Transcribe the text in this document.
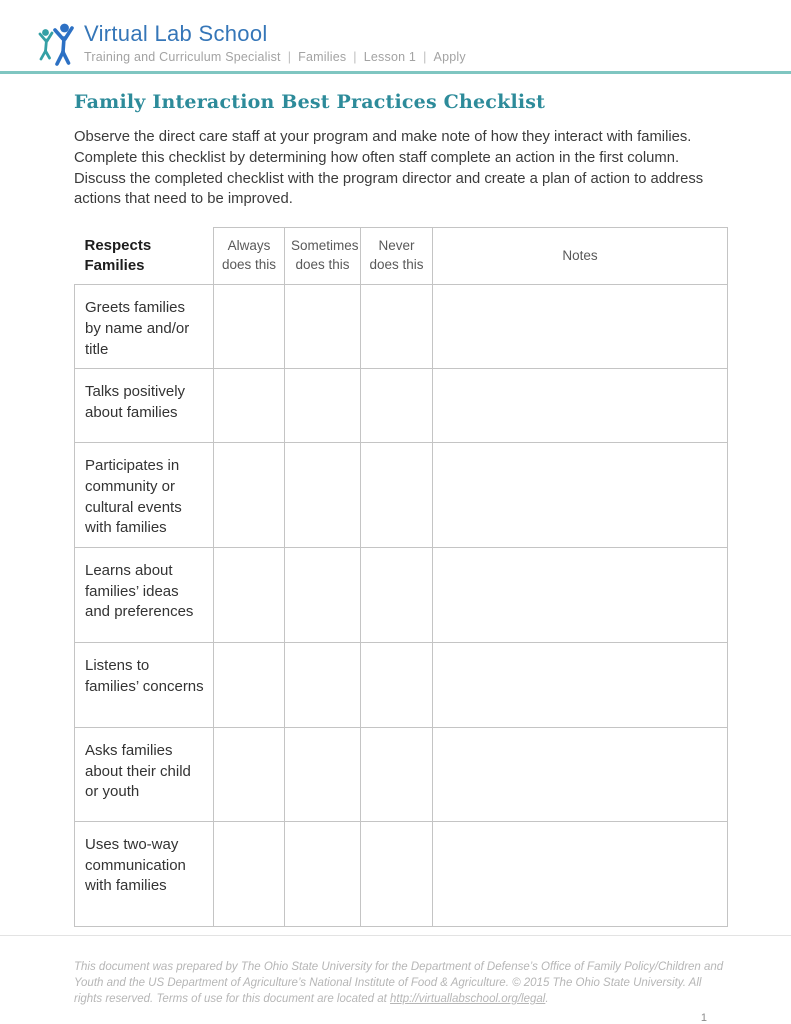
Virtual Lab School
Training and Curriculum Specialist | Families | Lesson 1 | Apply
Family Interaction Best Practices Checklist

Observe the direct care staff at your program and make note of how they interact with families. Complete this checklist by determining how often staff complete an action in the first column. Discuss the completed checklist with the program director and create a plan of action to address actions that need to be improved.

Respects Families	Always does this	Sometimes does this	Never does this	Notes
Greets families by name and/or title				
Talks positively about families				
Participates in community or cultural events with families				
Learns about families’ ideas and preferences				
Listens to families’ concerns				
Asks families about their child or youth				
Uses two-way communication with families				

This document was prepared by The Ohio State University for the Department of Defense’s Office of Family Policy/Children and Youth and the US Department of Agriculture’s National Institute of Food & Agriculture. © 2015 The Ohio State University. All rights reserved. Terms of use for this document are located at http://virtuallabschool.org/legal.

1
